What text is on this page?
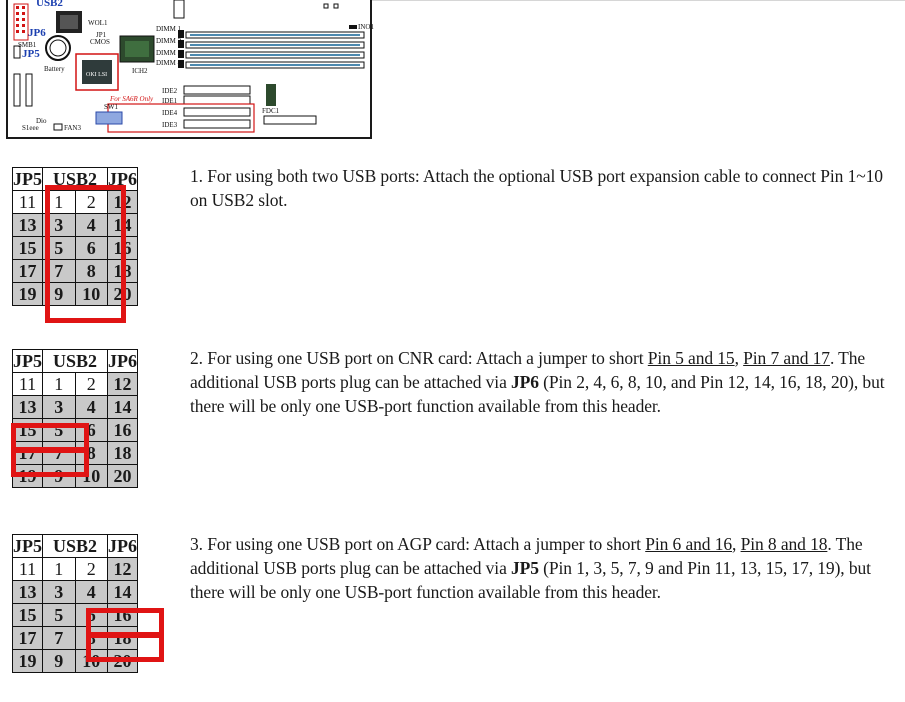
USB2
JP6
SMB1
JP5
WOL1
JP1
CMOS
Battery
OKI LSI	ICH2
DIMM 1
DIMM 2
DIMM 3
DIMM 4
INO1
IDE2
IDE1
IDE4
IDE3
FDC1
For SA6R Only
SW1
Dio
S1eee	FAN3
JP5	USB2		JP6
11	1	2	12
13	3	4	14
15	5	6	16
17	7	8	18
19	9	10	20
1. For using both two USB ports: Attach the optional USB port expansion cable to connect Pin 1~10 on USB2 slot.
JP5	USB2		JP6
11	1	2	12
13	3	4	14
15	5	6	16
17	7	8	18
19	9	10	20
2. For using one USB port on CNR card: Attach a jumper to short Pin 5 and 15, Pin 7 and 17. The additional USB ports plug can be attached via JP6 (Pin 2, 4, 6, 8, 10, and Pin 12, 14, 16, 18, 20), but there will be only one USB-port function available from this header.
JP5	USB2		JP6
11	1	2	12
13	3	4	14
15	5	6	16
17	7	8	18
19	9	10	20
3. For using one USB port on AGP card: Attach a jumper to short Pin 6 and 16, Pin 8 and 18. The additional USB ports plug can be attached via JP5 (Pin 1, 3, 5, 7, 9 and Pin 11, 13, 15, 17, 19), but there will be only one USB-port function available from this header.
